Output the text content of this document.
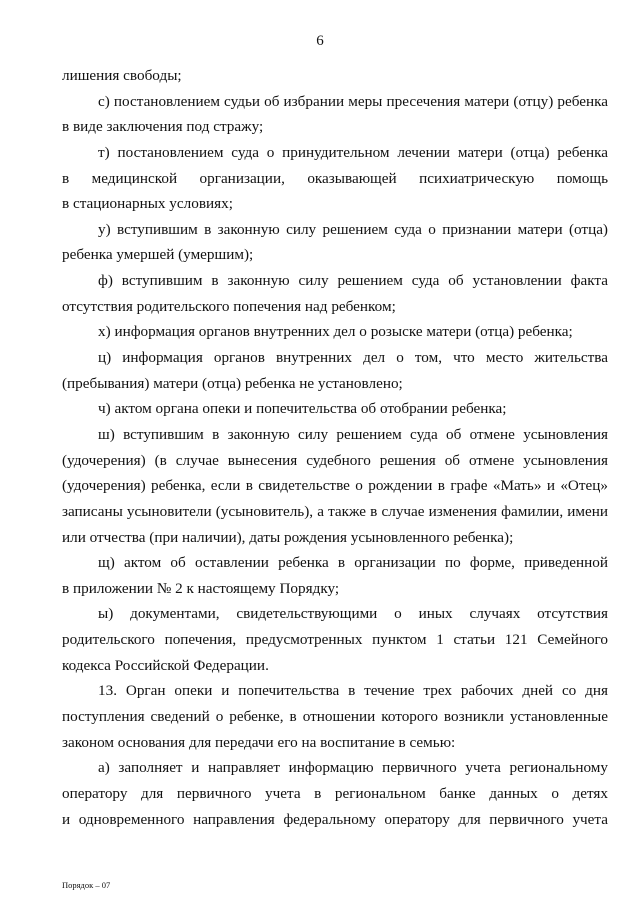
6
лишения свободы;
с) постановлением судьи об избрании меры пресечения матери (отцу) ребенка
в виде заключения под стражу;
т) постановлением суда о принудительном лечении матери (отца) ребенка
в медицинской организации, оказывающей психиатрическую помощь
в стационарных условиях;
у) вступившим в законную силу решением суда о признании матери (отца)
ребенка умершей (умершим);
ф) вступившим в законную силу решением суда об установлении факта
отсутствия родительского попечения над ребенком;
х) информация органов внутренних дел о розыске матери (отца) ребенка;
ц) информация органов внутренних дел о том, что место жительства
(пребывания) матери (отца) ребенка не установлено;
ч) актом органа опеки и попечительства об отобрании ребенка;
ш) вступившим в законную силу решением суда об отмене усыновления
(удочерения) (в случае вынесения судебного решения об отмене усыновления
(удочерения) ребенка, если в свидетельстве о рождении в графе «Мать» и «Отец»
записаны усыновители (усыновитель), а также в случае изменения фамилии, имени
или отчества (при наличии), даты рождения усыновленного ребенка);
щ) актом об оставлении ребенка в организации по форме, приведенной
в приложении № 2 к настоящему Порядку;
ы) документами, свидетельствующими о иных случаях отсутствия
родительского попечения, предусмотренных пунктом 1 статьи 121 Семейного
кодекса Российской Федерации.
13. Орган опеки и попечительства в течение трех рабочих дней со дня
поступления сведений о ребенке, в отношении которого возникли установленные
законом основания для передачи его на воспитание в семью:
а) заполняет и направляет информацию первичного учета региональному
оператору для первичного учета в региональном банке данных о детях
и одновременного направления федеральному оператору для первичного учета
Порядок – 07
